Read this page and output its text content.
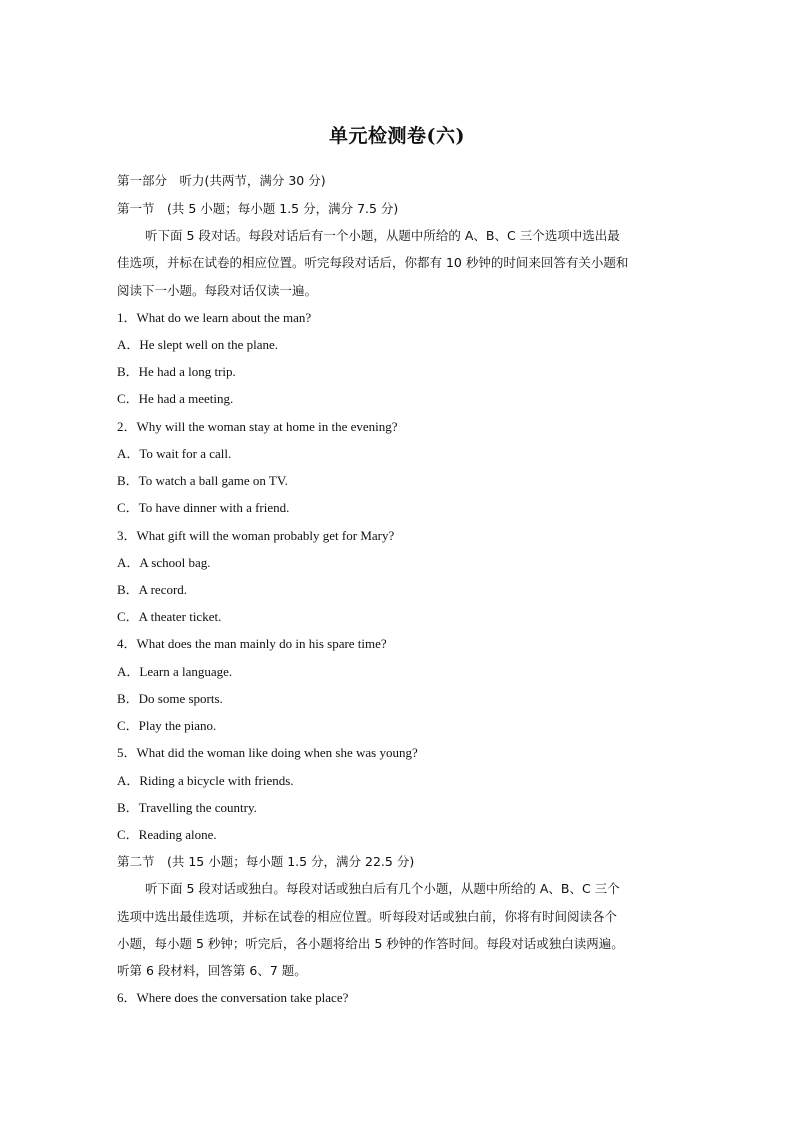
单元检测卷(六)
第一部分　听力(共两节，满分 30 分)
第一节　(共 5 小题；每小题 1.5 分，满分 7.5 分)
听下面 5 段对话。每段对话后有一个小题，从题中所给的 A、B、C 三个选项中选出最
佳选项，并标在试卷的相应位置。听完每段对话后，你都有 10 秒钟的时间来回答有关小题和
阅读下一小题。每段对话仅读一遍。
1．What do we learn about the man?
A．He slept well on the plane.
B．He had a long trip.
C．He had a meeting.
2．Why will the woman stay at home in the evening?
A．To wait for a call.
B．To watch a ball game on TV.
C．To have dinner with a friend.
3．What gift will the woman probably get for Mary?
A．A school bag.
B．A record.
C．A theater ticket.
4．What does the man mainly do in his spare time?
A．Learn a language.
B．Do some sports.
C．Play the piano.
5．What did the woman like doing when she was young?
A．Riding a bicycle with friends.
B．Travelling the country.
C．Reading alone.
第二节　(共 15 小题；每小题 1.5 分，满分 22.5 分)
听下面 5 段对话或独白。每段对话或独白后有几个小题，从题中所给的 A、B、C 三个
选项中选出最佳选项，并标在试卷的相应位置。听每段对话或独白前，你将有时间阅读各个
小题，每小题 5 秒钟；听完后，各小题将给出 5 秒钟的作答时间。每段对话或独白读两遍。
听第 6 段材料，回答第 6、7 题。
6．Where does the conversation take place?
